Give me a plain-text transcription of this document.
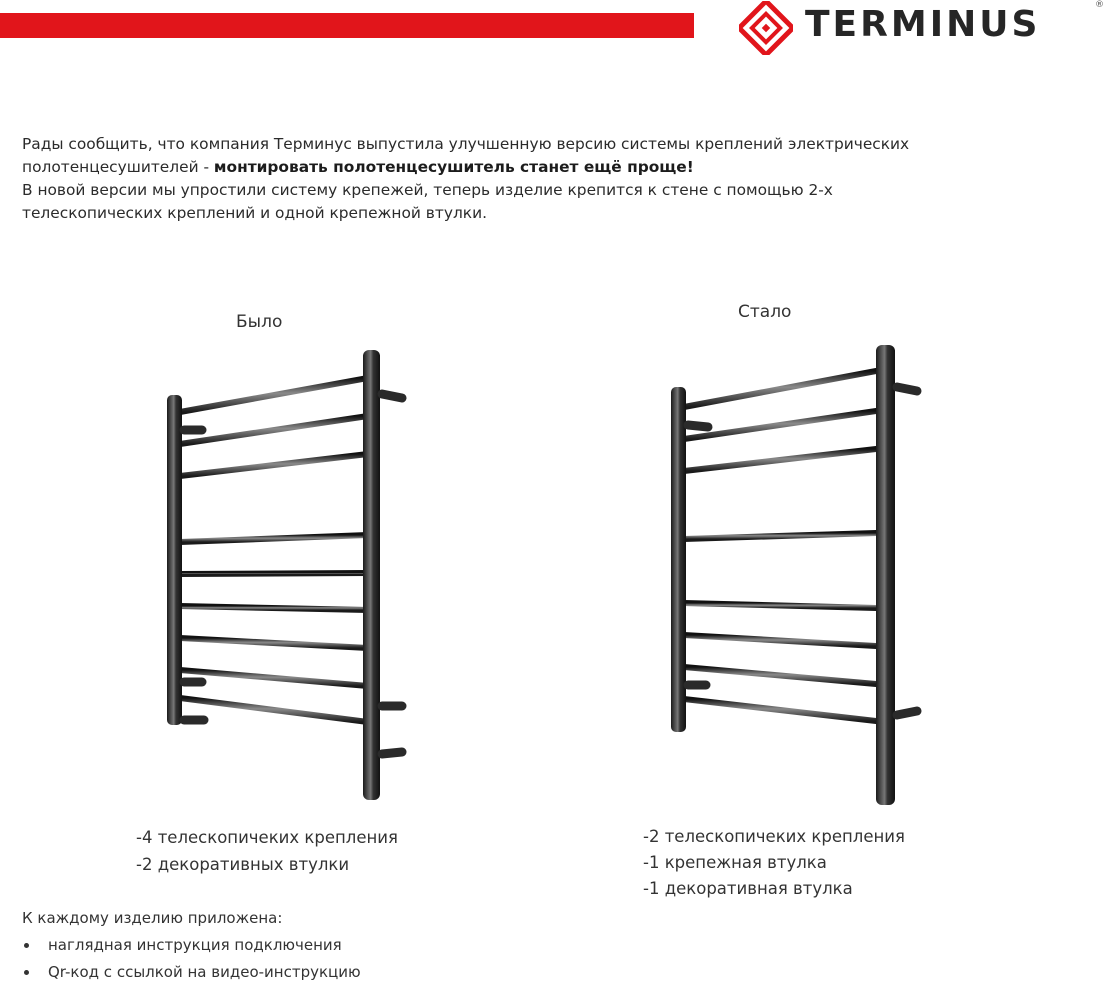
TERMINUS	®

Рады сообщить, что компания Терминус выпустила улучшенную версию системы креплений электрических

полотенцесушителей - монтировать полотенцесушитель станет ещё проще!

В новой версии мы упростили систему крепежей, теперь изделие крепится к стене с помощью 2-х

телескопических креплений и одной крепежной втулки.

Было	Стало
-4 телескопичеких крепления
-2 декоративных втулки
-2 телескопичеких крепления
-1 крепежная втулка
-1 декоративная втулка
К каждому изделию приложена:
наглядная инструкция подключения
Qr-код с ссылкой на видео-инструкцию
